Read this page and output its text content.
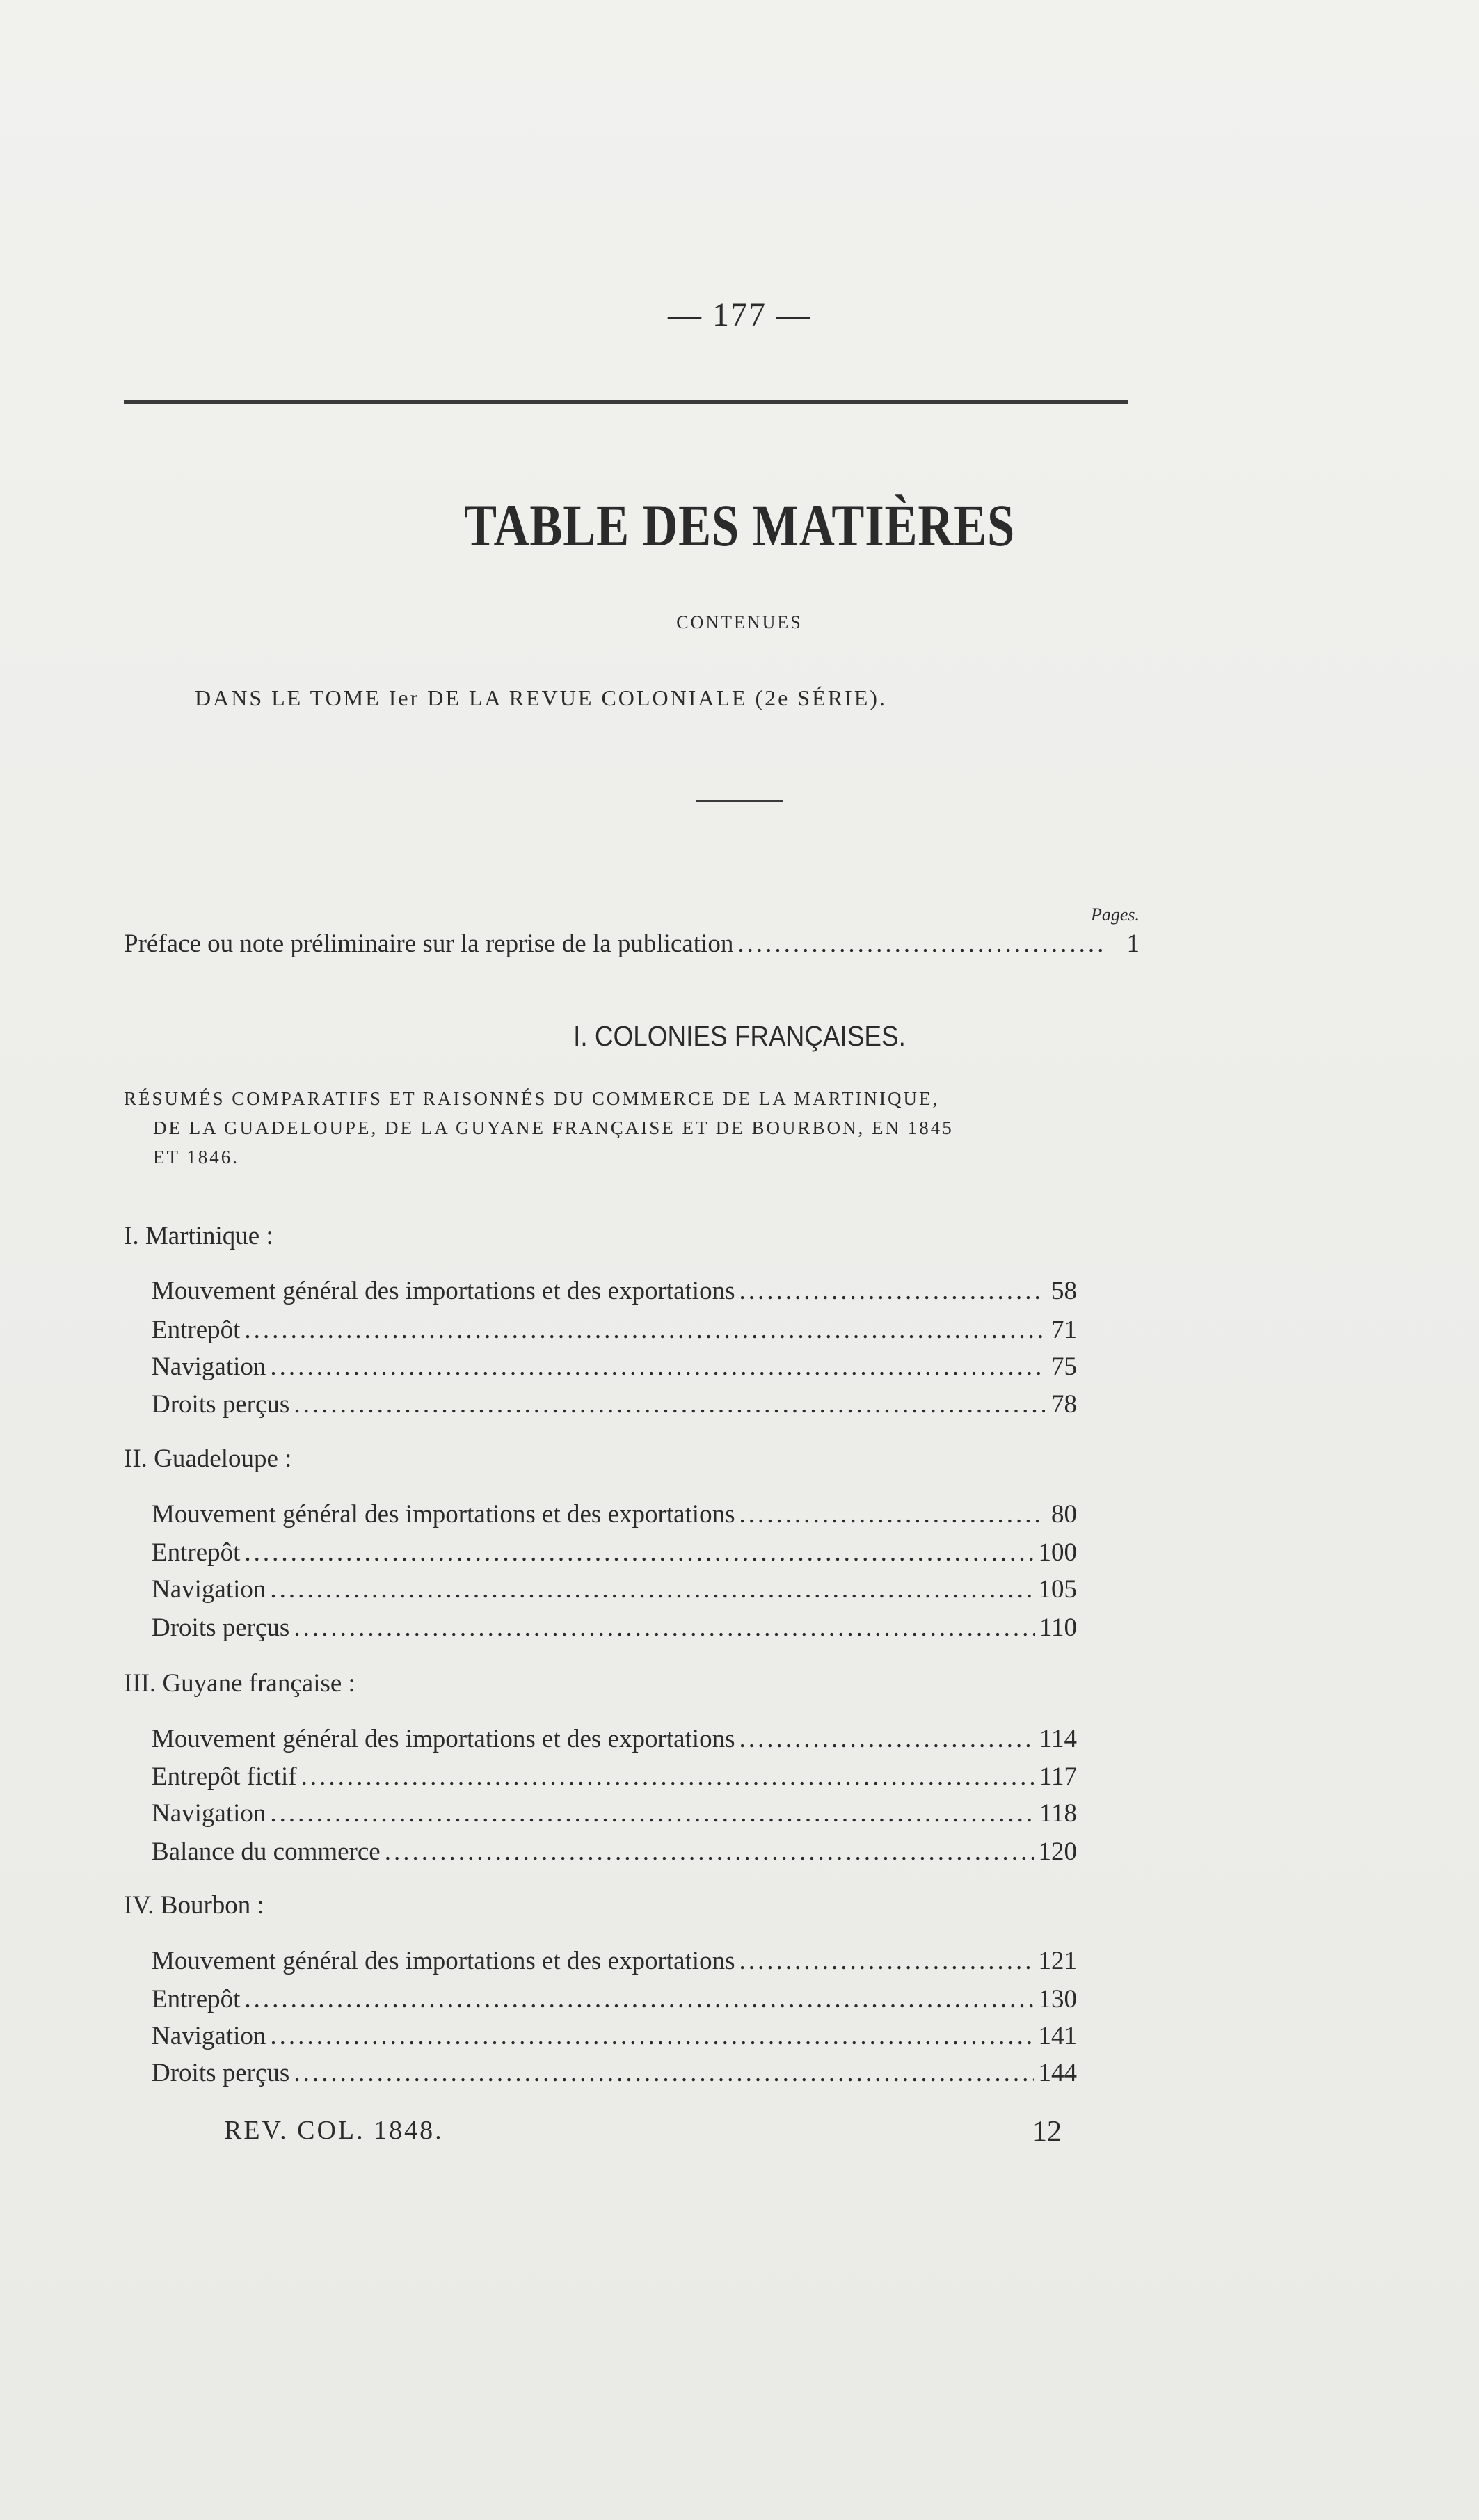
— 177 —
TABLE DES MATIÈRES
CONTENUES
DANS LE TOME Ier DE LA REVUE COLONIALE (2e SÉRIE).
Pages.
Préface ou note préliminaire sur la reprise de la publication .....	1
I. COLONIES FRANÇAISES.
RÉSUMÉS COMPARATIFS ET RAISONNÉS DU COMMERCE DE LA MARTINIQUE,
DE LA GUADELOUPE, DE LA GUYANE FRANÇAISE ET DE BOURBON, EN 1845
ET 1846.
I. Martinique :
Mouvement général des importations et des exportations .....	58
Entrepôt .....	71
Navigation .....	75
Droits perçus .....	78
II. Guadeloupe :
Mouvement général des importations et des exportations .....	80
Entrepôt .....	100
Navigation .....	105
Droits perçus .....	110
III. Guyane française :
Mouvement général des importations et des exportations .....	114
Entrepôt fictif .....	117
Navigation .....	118
Balance du commerce .....	120
IV. Bourbon :
Mouvement général des importations et des exportations .....	121
Entrepôt .....	130
Navigation .....	141
Droits perçus .....	144
REV. COL. 1848.	12
